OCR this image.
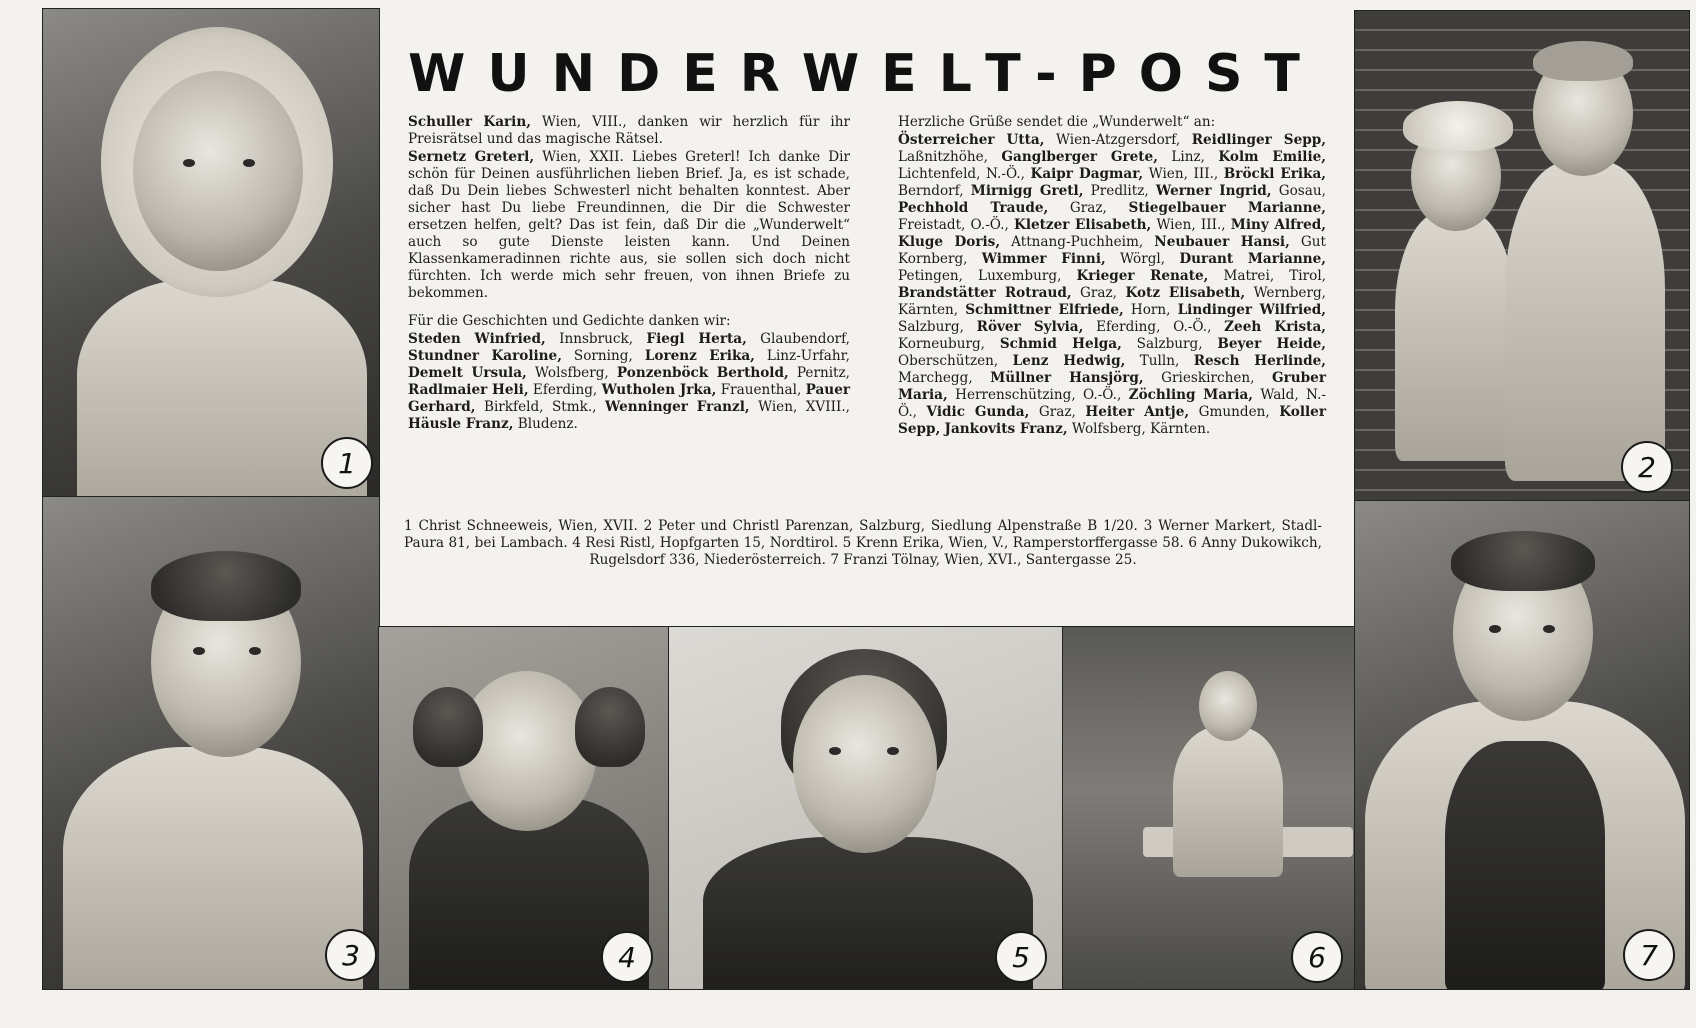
1	2
3	4	5	6	7
WUNDERWELT-POST

Schuller Karin, Wien, VIII., danken wir herzlich für ihr Preisrätsel und das magische Rätsel.

Sernetz Greterl, Wien, XXII. Liebes Greterl! Ich danke Dir schön für Deinen ausführlichen lieben Brief. Ja, es ist schade, daß Du Dein liebes Schwesterl nicht behalten konntest. Aber sicher hast Du liebe Freundinnen, die Dir die Schwester ersetzen helfen, gelt? Das ist fein, daß Dir die „Wunderwelt“ auch so gute Dienste leisten kann. Und Deinen Klassenkameradinnen richte aus, sie sollen sich doch nicht fürchten. Ich werde mich sehr freuen, von ihnen Briefe zu bekommen.

Für die Geschichten und Gedichte danken wir:

Steden Winfried, Innsbruck, Fiegl Herta, Glaubendorf, Stundner Karoline, Sorning, Lorenz Erika, Linz-Urfahr, Demelt Ursula, Wolsfberg, Ponzenböck Berthold, Pernitz, Radlmaier Heli, Eferding, Wutholen Jrka, Frauenthal, Pauer Gerhard, Birkfeld, Stmk., Wenninger Franzl, Wien, XVIII., Häusle Franz, Bludenz.

Herzliche Grüße sendet die „Wunderwelt“ an:

Österreicher Utta, Wien-Atzgersdorf, Reidlinger Sepp, Laßnitzhöhe, Ganglberger Grete, Linz, Kolm Emilie, Lichtenfeld, N.-Ö., Kaipr Dagmar, Wien, III., Bröckl Erika, Berndorf, Mirnigg Gretl, Predlitz, Werner Ingrid, Gosau, Pechhold Traude, Graz, Stiegelbauer Marianne, Freistadt, O.-Ö., Kletzer Elisabeth, Wien, III., Miny Alfred, Kluge Doris, Attnang-Puchheim, Neubauer Hansi, Gut Kornberg, Wimmer Finni, Wörgl, Durant Marianne, Petingen, Luxemburg, Krieger Renate, Matrei, Tirol, Brandstätter Rotraud, Graz, Kotz Elisabeth, Wernberg, Kärnten, Schmittner Elfriede, Horn, Lindinger Wilfried, Salzburg, Röver Sylvia, Eferding, O.-Ö., Zeeh Krista, Korneuburg, Schmid Helga, Salzburg, Beyer Heide, Oberschützen, Lenz Hedwig, Tulln, Resch Herlinde, Marchegg, Müllner Hansjörg, Grieskirchen, Gruber Maria, Herrenschützing, O.-Ö., Zöchling Maria, Wald, N.-Ö., Vidic Gunda, Graz, Heiter Antje, Gmunden, Koller Sepp, Jankovits Franz, Wolfsberg, Kärnten.

1 Christ Schneeweis, Wien, XVII. 2 Peter und Christl Parenzan, Salzburg, Siedlung Alpenstraße B 1/20. 3 Werner Markert, Stadl-Paura 81, bei Lambach. 4 Resi Ristl, Hopfgarten 15, Nordtirol. 5 Krenn Erika, Wien, V., Ramperstorffergasse 58. 6 Anny Dukowikch, Rugelsdorf 336, Niederösterreich. 7 Franzi Tölnay, Wien, XVI., Santergasse 25.
